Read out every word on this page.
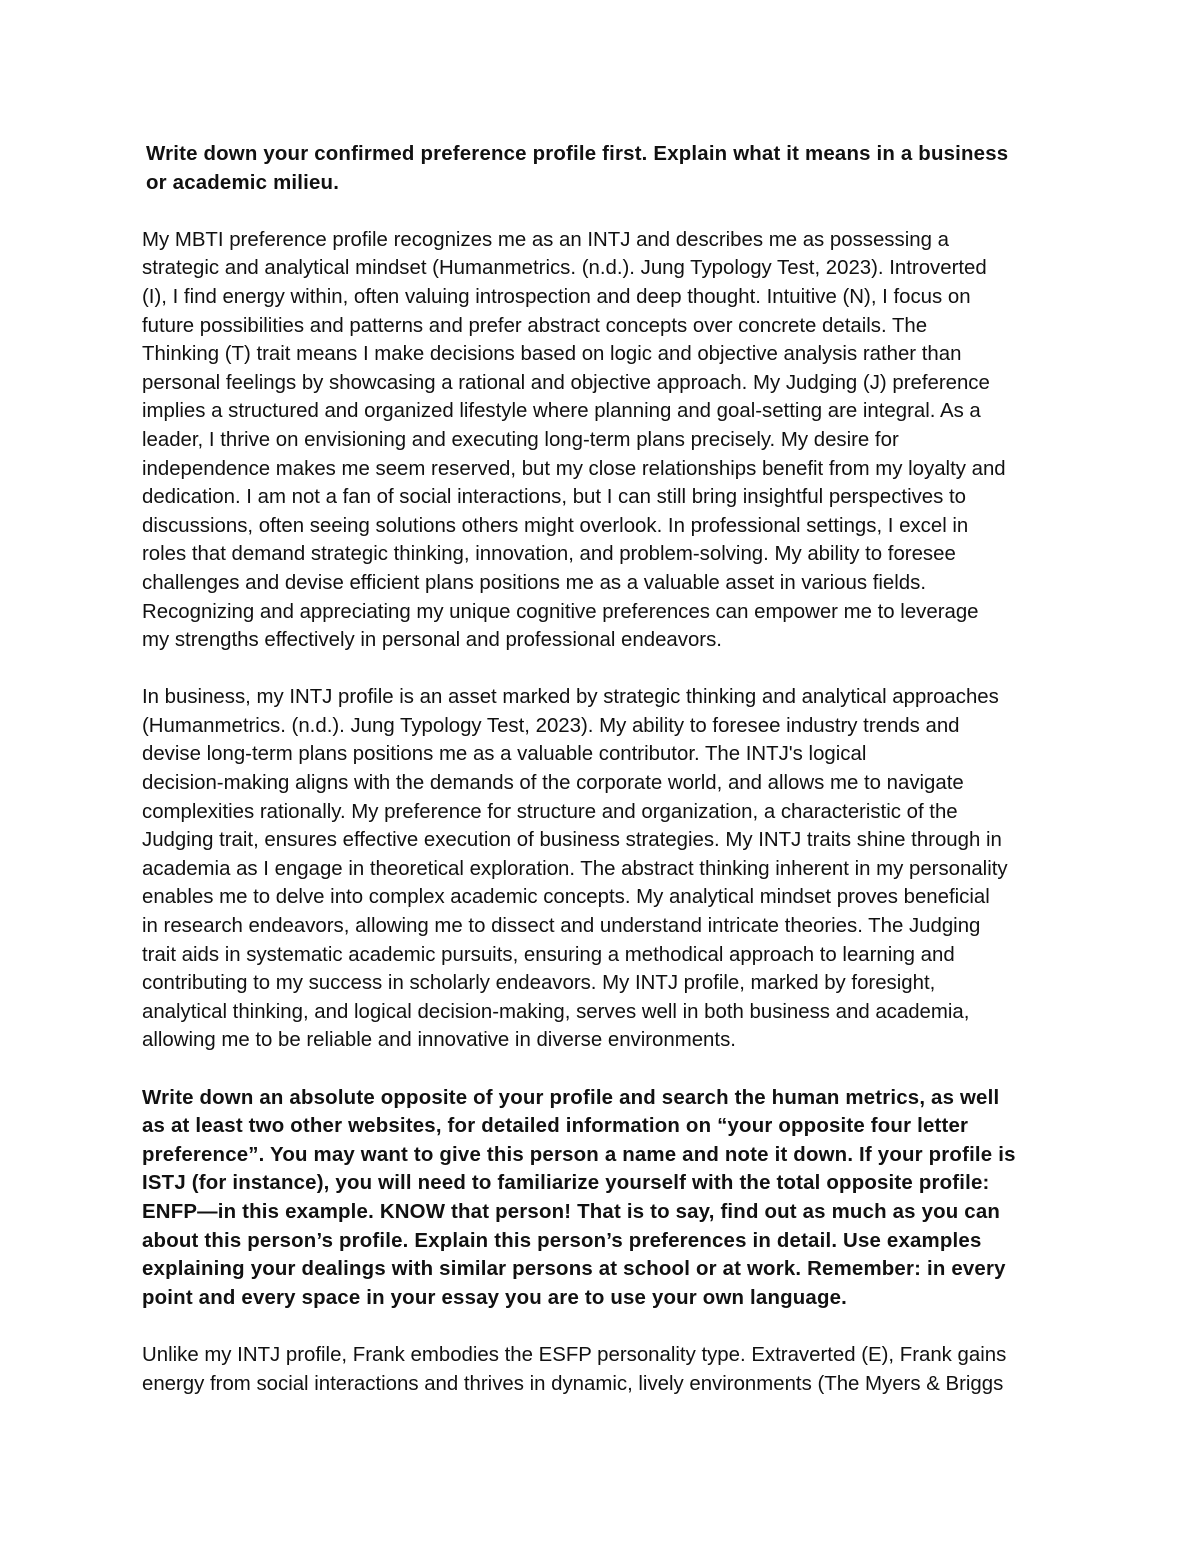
Write down your confirmed preference profile first. Explain what it means in a business
or academic milieu.

My MBTI preference profile recognizes me as an INTJ and describes me as possessing a
strategic and analytical mindset (Humanmetrics. (n.d.). Jung Typology Test, 2023). Introverted
(I), I find energy within, often valuing introspection and deep thought. Intuitive (N), I focus on
future possibilities and patterns and prefer abstract concepts over concrete details. The
Thinking (T) trait means I make decisions based on logic and objective analysis rather than
personal feelings by showcasing a rational and objective approach. My Judging (J) preference
implies a structured and organized lifestyle where planning and goal-setting are integral. As a
leader, I thrive on envisioning and executing long-term plans precisely. My desire for
independence makes me seem reserved, but my close relationships benefit from my loyalty and
dedication. I am not a fan of social interactions, but I can still bring insightful perspectives to
discussions, often seeing solutions others might overlook. In professional settings, I excel in
roles that demand strategic thinking, innovation, and problem-solving. My ability to foresee
challenges and devise efficient plans positions me as a valuable asset in various fields.
Recognizing and appreciating my unique cognitive preferences can empower me to leverage
my strengths effectively in personal and professional endeavors.

In business, my INTJ profile is an asset marked by strategic thinking and analytical approaches
(Humanmetrics. (n.d.). Jung Typology Test, 2023). My ability to foresee industry trends and
devise long-term plans positions me as a valuable contributor. The INTJ's logical
decision-making aligns with the demands of the corporate world, and allows me to navigate
complexities rationally. My preference for structure and organization, a characteristic of the
Judging trait, ensures effective execution of business strategies. My INTJ traits shine through in
academia as I engage in theoretical exploration. The abstract thinking inherent in my personality
enables me to delve into complex academic concepts. My analytical mindset proves beneficial
in research endeavors, allowing me to dissect and understand intricate theories. The Judging
trait aids in systematic academic pursuits, ensuring a methodical approach to learning and
contributing to my success in scholarly endeavors. My INTJ profile, marked by foresight,
analytical thinking, and logical decision-making, serves well in both business and academia,
allowing me to be reliable and innovative in diverse environments.

Write down an absolute opposite of your profile and search the human metrics, as well
as at least two other websites, for detailed information on “your opposite four letter
preference”. You may want to give this person a name and note it down. If your profile is
ISTJ (for instance), you will need to familiarize yourself with the total opposite profile:
ENFP—in this example. KNOW that person! That is to say, find out as much as you can
about this person’s profile. Explain this person’s preferences in detail. Use examples
explaining your dealings with similar persons at school or at work. Remember: in every
point and every space in your essay you are to use your own language.

Unlike my INTJ profile, Frank embodies the ESFP personality type. Extraverted (E), Frank gains
energy from social interactions and thrives in dynamic, lively environments (The Myers & Briggs
